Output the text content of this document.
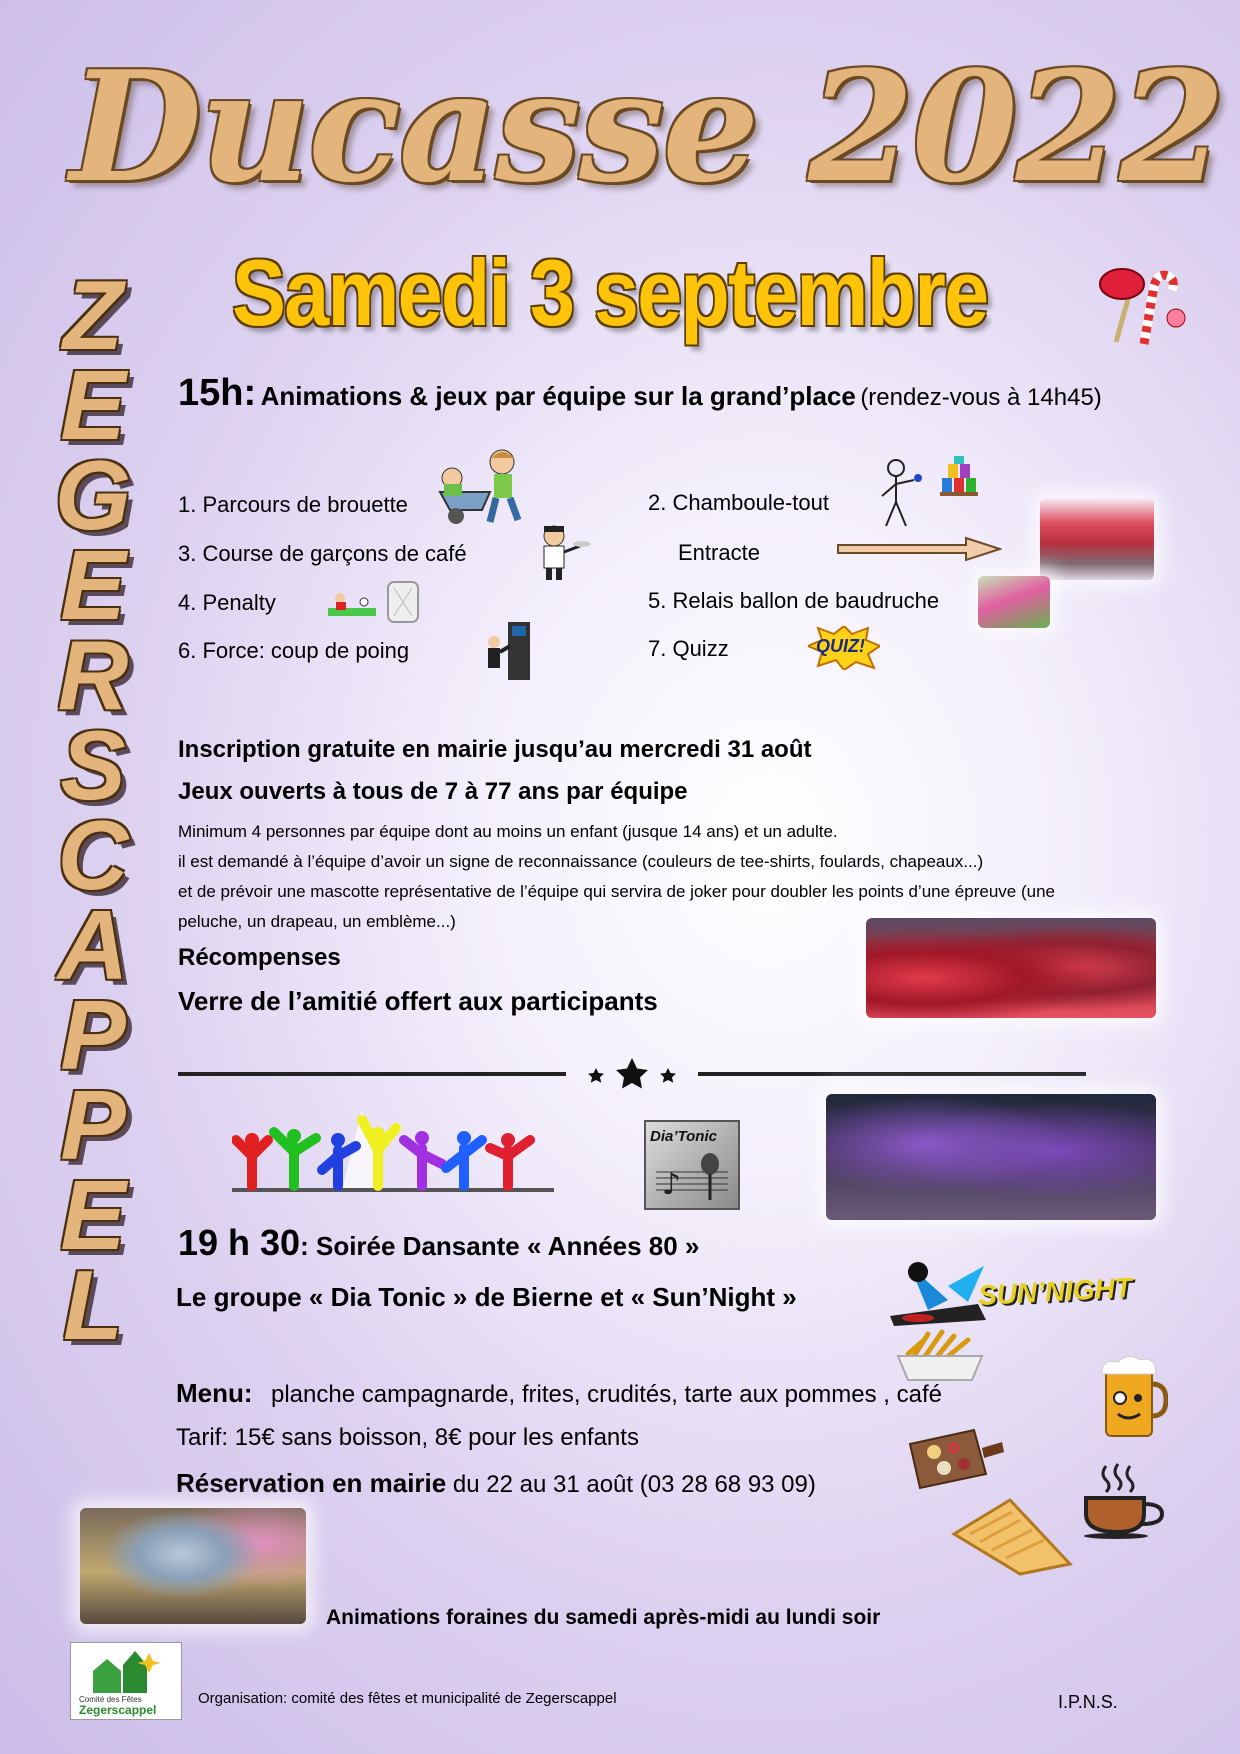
Ducasse 2022
Samedi 3 septembre
Z
E
G
E
R
S
C
A
P
P
E
L
15h: Animations & jeux par équipe sur la grand’place (rendez-vous à 14h45)
1. Parcours de brouette
3. Course de garçons de café
4. Penalty
6. Force: coup de poing
2. Chamboule-tout
Entracte
5. Relais ballon de baudruche
7. Quizz	QUIZ!
Inscription gratuite en mairie jusqu’au mercredi 31 août
Jeux ouverts à tous de 7 à 77 ans par équipe
Minimum 4 personnes par équipe dont au moins un enfant (jusque 14 ans) et un adulte.
il est demandé à l’équipe d’avoir un signe de reconnaissance (couleurs de tee-shirts, foulards, chapeaux...)
et de prévoir une mascotte représentative de l’équipe qui servira de joker pour doubler les points d’une épreuve (une
peluche, un drapeau, un emblème...)
Récompenses
Verre de l’amitié offert aux participants
Dia’Tonic
♪
19 h 30: Soirée Dansante « Années 80 »
Le groupe « Dia Tonic » de Bierne et « Sun’Night »	SUN’NIGHT
Menu: planche campagnarde, frites, crudités, tarte aux pommes , café
Tarif: 15€ sans boisson, 8€ pour les enfants
Réservation en mairie du 22 au 31 août (03 28 68 93 09)
Animations foraines du samedi après-midi au lundi soir
Comité des Fêtes
Zegerscappel
Organisation: comité des fêtes et municipalité de Zegerscappel	I.P.N.S.
